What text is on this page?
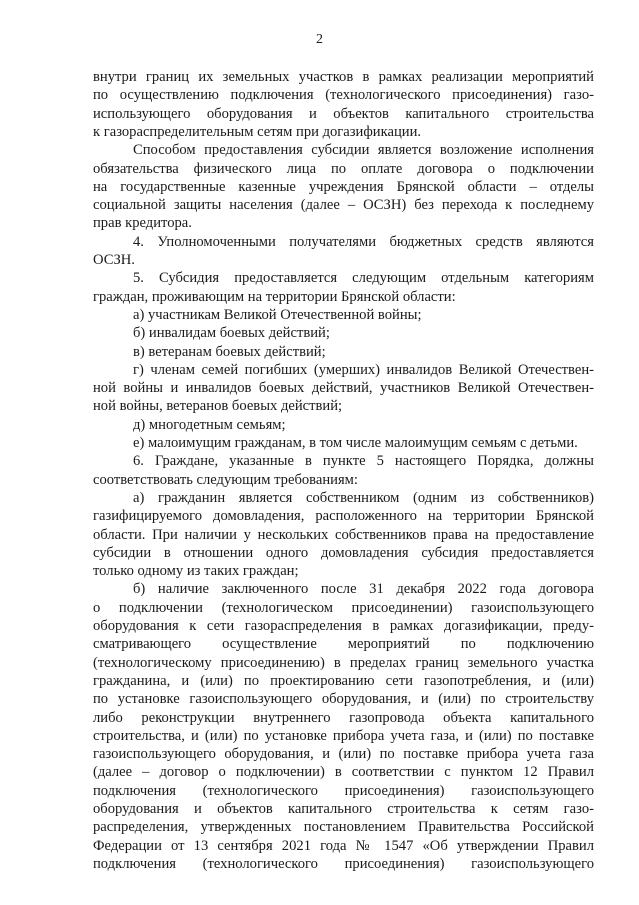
2
внутри границ их земельных участков в рамках реализации мероприятий
по осуществлению подключения (технологического присоединения) газо-
использующего оборудования и объектов капитального строительства
к газораспределительным сетям при догазификации.
Способом предоставления субсидии является возложение исполнения
обязательства физического лица по оплате договора о подключении
на государственные казенные учреждения Брянской области – отделы
социальной защиты населения (далее – ОСЗН) без перехода к последнему
прав кредитора.
4. Уполномоченными получателями бюджетных средств являются
ОСЗН.
5. Субсидия предоставляется следующим отдельным категориям
граждан, проживающим на территории Брянской области:
а) участникам Великой Отечественной войны;
б) инвалидам боевых действий;
в) ветеранам боевых действий;
г) членам семей погибших (умерших) инвалидов Великой Отечествен-
ной войны и инвалидов боевых действий, участников Великой Отечествен-
ной войны, ветеранов боевых действий;
д) многодетным семьям;
е) малоимущим гражданам, в том числе малоимущим семьям с детьми.
6. Граждане, указанные в пункте 5 настоящего Порядка, должны
соответствовать следующим требованиям:
а) гражданин является собственником (одним из собственников)
газифицируемого домовладения, расположенного на территории Брянской
области. При наличии у нескольких собственников права на предоставление
субсидии в отношении одного домовладения субсидия предоставляется
только одному из таких граждан;
б) наличие заключенного после 31 декабря 2022 года договора
о подключении (технологическом присоединении) газоиспользующего
оборудования к сети газораспределения в рамках догазификации, преду-
сматривающего осуществление мероприятий по подключению
(технологическому присоединению) в пределах границ земельного участка
гражданина, и (или) по проектированию сети газопотребления, и (или)
по установке газоиспользующего оборудования, и (или) по строительству
либо реконструкции внутреннего газопровода объекта капитального
строительства, и (или) по установке прибора учета газа, и (или) по поставке
газоиспользующего оборудования, и (или) по поставке прибора учета газа
(далее – договор о подключении) в соответствии с пунктом 12 Правил
подключения (технологического присоединения) газоиспользующего
оборудования и объектов капитального строительства к сетям газо-
распределения, утвержденных постановлением Правительства Российской
Федерации от 13 сентября 2021 года № 1547 «Об утверждении Правил
подключения (технологического присоединения) газоиспользующего
